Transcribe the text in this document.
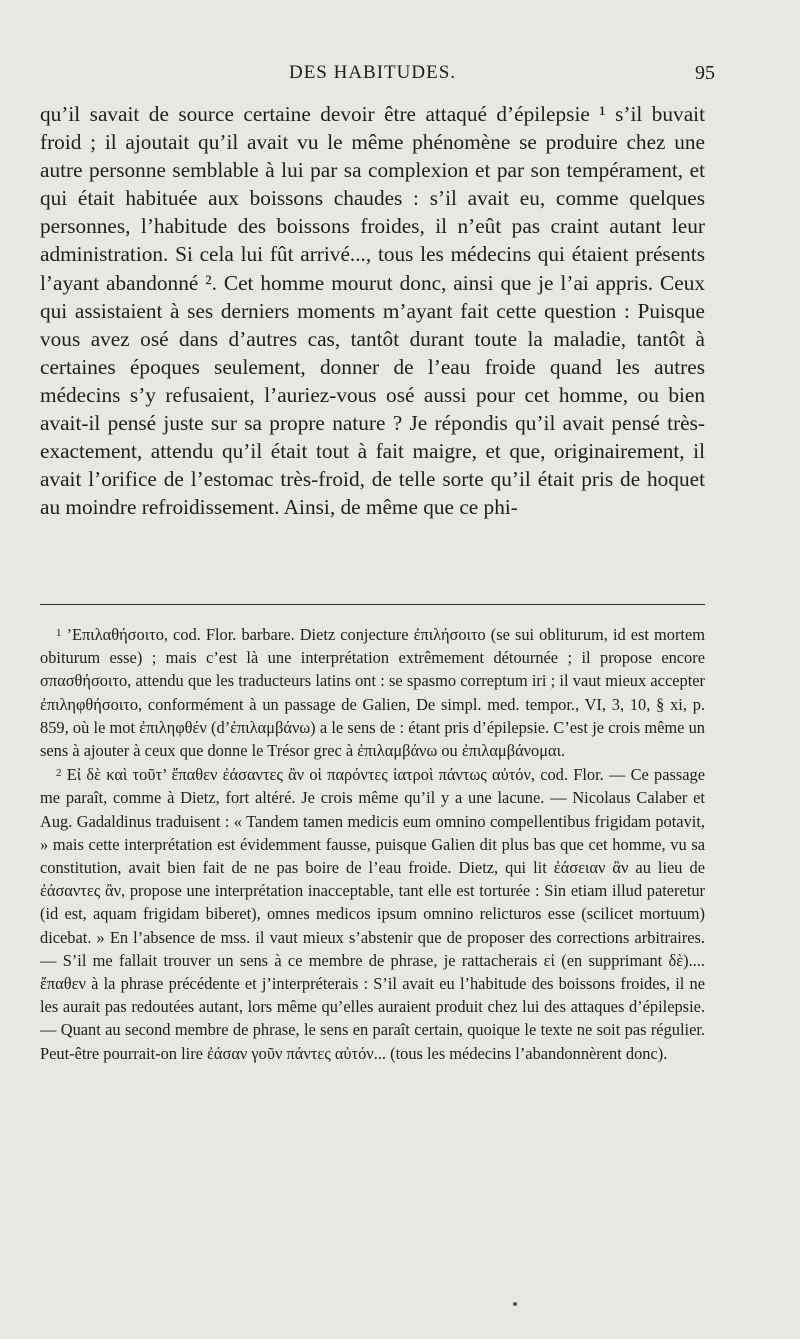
DES HABITUDES.	95

qu’il savait de source certaine devoir être attaqué d’épilepsie ¹ s’il buvait froid ; il ajoutait qu’il avait vu le même phénomène se produire chez une autre personne semblable à lui par sa complexion et par son tempérament, et qui était habituée aux boissons chaudes : s’il avait eu, comme quelques personnes, l’habitude des boissons froides, il n’eût pas craint autant leur administration. Si cela lui fût arrivé..., tous les médecins qui étaient présents l’ayant abandonné ². Cet homme mourut donc, ainsi que je l’ai appris. Ceux qui assistaient à ses derniers moments m’ayant fait cette question : Puisque vous avez osé dans d’autres cas, tantôt durant toute la maladie, tantôt à certaines époques seulement, donner de l’eau froide quand les autres médecins s’y refusaient, l’auriez-vous osé aussi pour cet homme, ou bien avait-il pensé juste sur sa propre nature ? Je répondis qu’il avait pensé très-exactement, attendu qu’il était tout à fait maigre, et que, originairement, il avait l’orifice de l’estomac très-froid, de telle sorte qu’il était pris de hoquet au moindre refroidissement. Ainsi, de même que ce phi-

$^1$ ’Επιλαθήσοιτο, cod. Flor. barbare. Dietz conjecture ἐπιλήσοιτο (se sui obliturum, id est mortem obiturum esse) ; mais c’est là une interprétation extrêmement détournée ; il propose encore σπασθήσοιτο, attendu que les traducteurs latins ont : se spasmo correptum iri ; il vaut mieux accepter ἐπιληφθήσοιτο, conformément à un passage de Galien, De simpl. med. tempor., VI, 3, 10, § xi, p. 859, où le mot ἐπιληφθέν (d’ἐπιλαμβάνω) a le sens de : étant pris d’épilepsie. C’est je crois même un sens à ajouter à ceux que donne le Trésor grec à ἐπιλαμβάνω ou ἐπιλαμβάνομαι.

$^2$ Εἰ δὲ καὶ τοῦτ’ ἔπαθεν ἐάσαντες ἂν οἱ παρόντες ἰατροὶ πάντως αὐτόν, cod. Flor. — Ce passage me paraît, comme à Dietz, fort altéré. Je crois même qu’il y a une lacune. — Nicolaus Calaber et Aug. Gadaldinus traduisent : « Tandem tamen medicis eum omnino compellentibus frigidam potavit, » mais cette interprétation est évidemment fausse, puisque Galien dit plus bas que cet homme, vu sa constitution, avait bien fait de ne pas boire de l’eau froide. Dietz, qui lit ἐάσειαν ἂν au lieu de ἐάσαντες ἂν, propose une interprétation inacceptable, tant elle est torturée : Sin etiam illud pateretur (id est, aquam frigidam biberet), omnes medicos ipsum omnino relicturos esse (scilicet mortuum) dicebat. » En l’absence de mss. il vaut mieux s’abstenir que de proposer des corrections arbitraires. — S’il me fallait trouver un sens à ce membre de phrase, je rattacherais εἰ (en supprimant δὲ).... ἔπαθεν à la phrase précédente et j’interpréterais : S’il avait eu l’habitude des boissons froides, il ne les aurait pas redoutées autant, lors même qu’elles auraient produit chez lui des attaques d’épilepsie. — Quant au second membre de phrase, le sens en paraît certain, quoique le texte ne soit pas régulier. Peut-être pourrait-on lire ἐάσαν γοῦν πάντες αὐτόν... (tous les médecins l’abandonnèrent donc).
